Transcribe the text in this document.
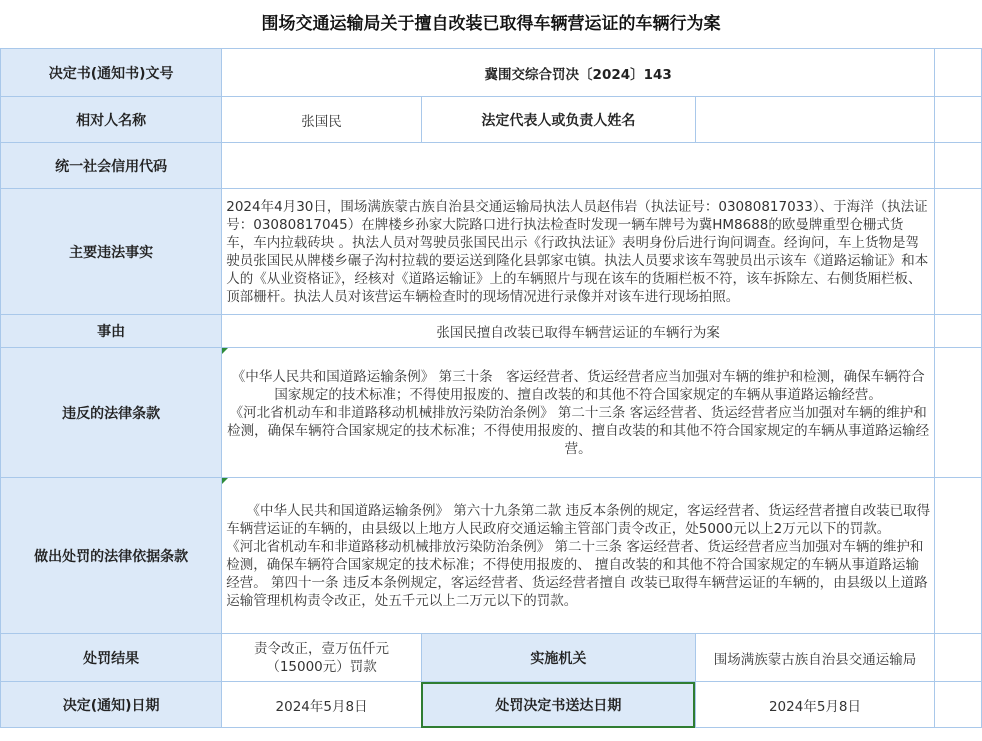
围场交通运输局关于擅自改装已取得车辆营运证的车辆行为案
决定书(通知书)文号	冀围交综合罚决〔2024〕143			
相对人名称	张国民	法定代表人或负责人姓名		
统一社会信用代码				
主要违法事实	2024年4月30日，围场满族蒙古族自治县交通运输局执法人员赵伟岩（执法证号：03080817033）、于海洋（执法证号：03080817045）在牌楼乡孙家大院路口进行执法检查时发现一辆车牌号为冀HM8688的欧曼牌重型仓栅式货车，车内拉载砖块 。执法人员对驾驶员张国民出示《行政执法证》表明身份后进行询问调查。经询问，车上货物是驾驶员张国民从牌楼乡碾子沟村拉载的要运送到隆化县郭家屯镇。执法人员要求该车驾驶员出示该车《道路运输证》和本人的《从业资格证》，经核对《道路运输证》上的车辆照片与现在该车的货厢栏板不符，该车拆除左、右侧货厢栏板、顶部栅杆。执法人员对该营运车辆检查时的现场情况进行录像并对该车进行现场拍照。			
事由	张国民擅自改装已取得车辆营运证的车辆行为案			
违反的法律条款	《中华人民共和国道路运输条例》 第三十条　客运经营者、货运经营者应当加强对车辆的维护和检测，确保车辆符合国家规定的技术标准；不得使用报废的、擅自改装的和其他不符合国家规定的车辆从事道路运输经营。

《河北省机动车和非道路移动机械排放污染防治条例》 第二十三条 客运经营者、货运经营者应当加强对车辆的维护和检测，确保车辆符合国家规定的技术标准；不得使用报废的、擅自改装的和其他不符合国家规定的车辆从事道路运输经营。			

做出处罚的法律依据条款	　　《中华人民共和国道路运输条例》 第六十九条第二款 违反本条例的规定，客运经营者、货运经营者擅自改装已取得车辆营运证的车辆的，由县级以上地方人民政府交通运输主管部门责令改正，处5000元以上2万元以下的罚款。

《河北省机动车和非道路移动机械排放污染防治条例》 第二十三条 客运经营者、货运经营者应当加强对车辆的维护和 检测，确保车辆符合国家规定的技术标准；不得使用报废的、 擅自改装的和其他不符合国家规定的车辆从事道路运输经营。 第四十一条 违反本条例规定，客运经营者、货运经营者擅自 改装已取得车辆营运证的车辆的，由县级以上道路运输管理机构责令改正，处五千元以上二万元以下的罚款。			

处罚结果	责令改正，壹万伍仟元（15000元）罚款	实施机关	围场满族蒙古族自治县交通运输局	
决定(通知)日期	2024年5月8日	处罚决定书送达日期	2024年5月8日	
